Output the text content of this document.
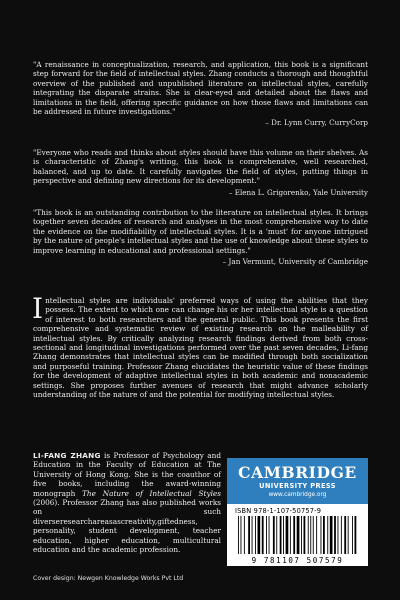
"A renaissance in conceptualization, research, and application, this book is a significant step forward for the field of intellectual styles. Zhang conducts a thorough and thoughtful overview of the published and unpublished literature on intellectual styles, carefully integrating the disparate strains. She is clear-eyed and detailed about the flaws and limitations in the field, offering specific guidance on how those flaws and limitations can be addressed in future investigations."

– Dr. Lynn Curry, CurryCorp

"Everyone who reads and thinks about styles should have this volume on their shelves. As is characteristic of Zhang's writing, this book is comprehensive, well researched, balanced, and up to date. It carefully navigates the field of styles, putting things in perspective and defining new directions for its development."

– Elena L. Grigorenko, Yale University

"This book is an outstanding contribution to the literature on intellectual styles. It brings together seven decades of research and analyses in the most comprehensive way to date the evidence on the modifiability of intellectual styles. It is a 'must' for anyone intrigued by the nature of people's intellectual styles and the use of knowledge about these styles to improve learning in educational and professional settings."

– Jan Vermunt, University of Cambridge

Intellectual styles are individuals' preferred ways of using the abilities that they possess. The extent to which one can change his or her intellectual style is a question of interest to both researchers and the general public. This book presents the first comprehensive and systematic review of existing research on the malleability of intellectual styles. By critically analyzing research findings derived from both cross-sectional and longitudinal investigations performed over the past seven decades, Li-fang Zhang demonstrates that intellectual styles can be modified through both socialization and purposeful training. Professor Zhang elucidates the heuristic value of these findings for the development of adaptive intellectual styles in both academic and nonacademic settings. She proposes further avenues of research that might advance scholarly understanding of the nature of and the potential for modifying intellectual styles.

LI-FANG ZHANG is Professor of Psychology and Education in the Faculty of Education at The University of Hong Kong. She is the coauthor of five books, including the award-winning monograph The Nature of Intellectual Styles (2006). Professor Zhang has also published works on such diverseresearchareasascreativity,giftedness, personality, student development, teacher education, higher education, multicultural education and the academic profession.

CAMBRIDGE
UNIVERSITY PRESS
www.cambridge.org
ISBN 978-1-107-50757-9
9 781107 507579
Cover design: Newgen Knowledge Works Pvt Ltd
